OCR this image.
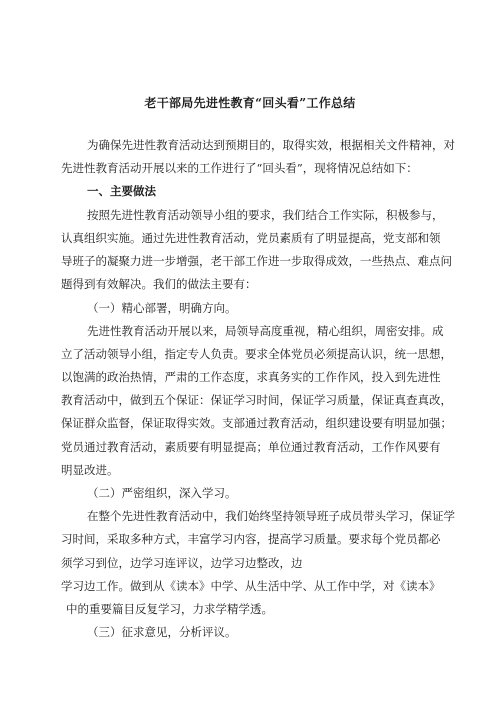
老干部局先进性教育“回头看”工作总结
为确保先进性教育活动达到预期目的，取得实效，根据相关文件精神，对
先进性教育活动开展以来的工作进行了“回头看”，现将情况总结如下：
一、主要做法
按照先进性教育活动领导小组的要求，我们结合工作实际，积极参与，
认真组织实施。通过先进性教育活动，党员素质有了明显提高，党支部和领
导班子的凝聚力进一步增强，老干部工作进一步取得成效，一些热点、难点问
题得到有效解决。我们的做法主要有：
（一）精心部署，明确方向。
先进性教育活动开展以来，局领导高度重视，精心组织，周密安排。成
立了活动领导小组，指定专人负责。要求全体党员必须提高认识，统一思想，
以饱满的政治热情，严肃的工作态度，求真务实的工作作风，投入到先进性
教育活动中，做到五个保证：保证学习时间，保证学习质量，保证真查真改，
保证群众监督，保证取得实效。支部通过教育活动，组织建设要有明显加强；
党员通过教育活动，素质要有明显提高；单位通过教育活动，工作作风要有
明显改进。
（二）严密组织，深入学习。
在整个先进性教育活动中，我们始终坚持领导班子成员带头学习，保证学
习时间，采取多种方式，丰富学习内容，提高学习质量。要求每个党员都必
须学习到位，边学习连评议，边学习边整改，边
学习边工作。做到从《读本》中学、从生活中学、从工作中学，对《读本》
中的重要篇目反复学习，力求学精学透。
（三）征求意见，分析评议。
